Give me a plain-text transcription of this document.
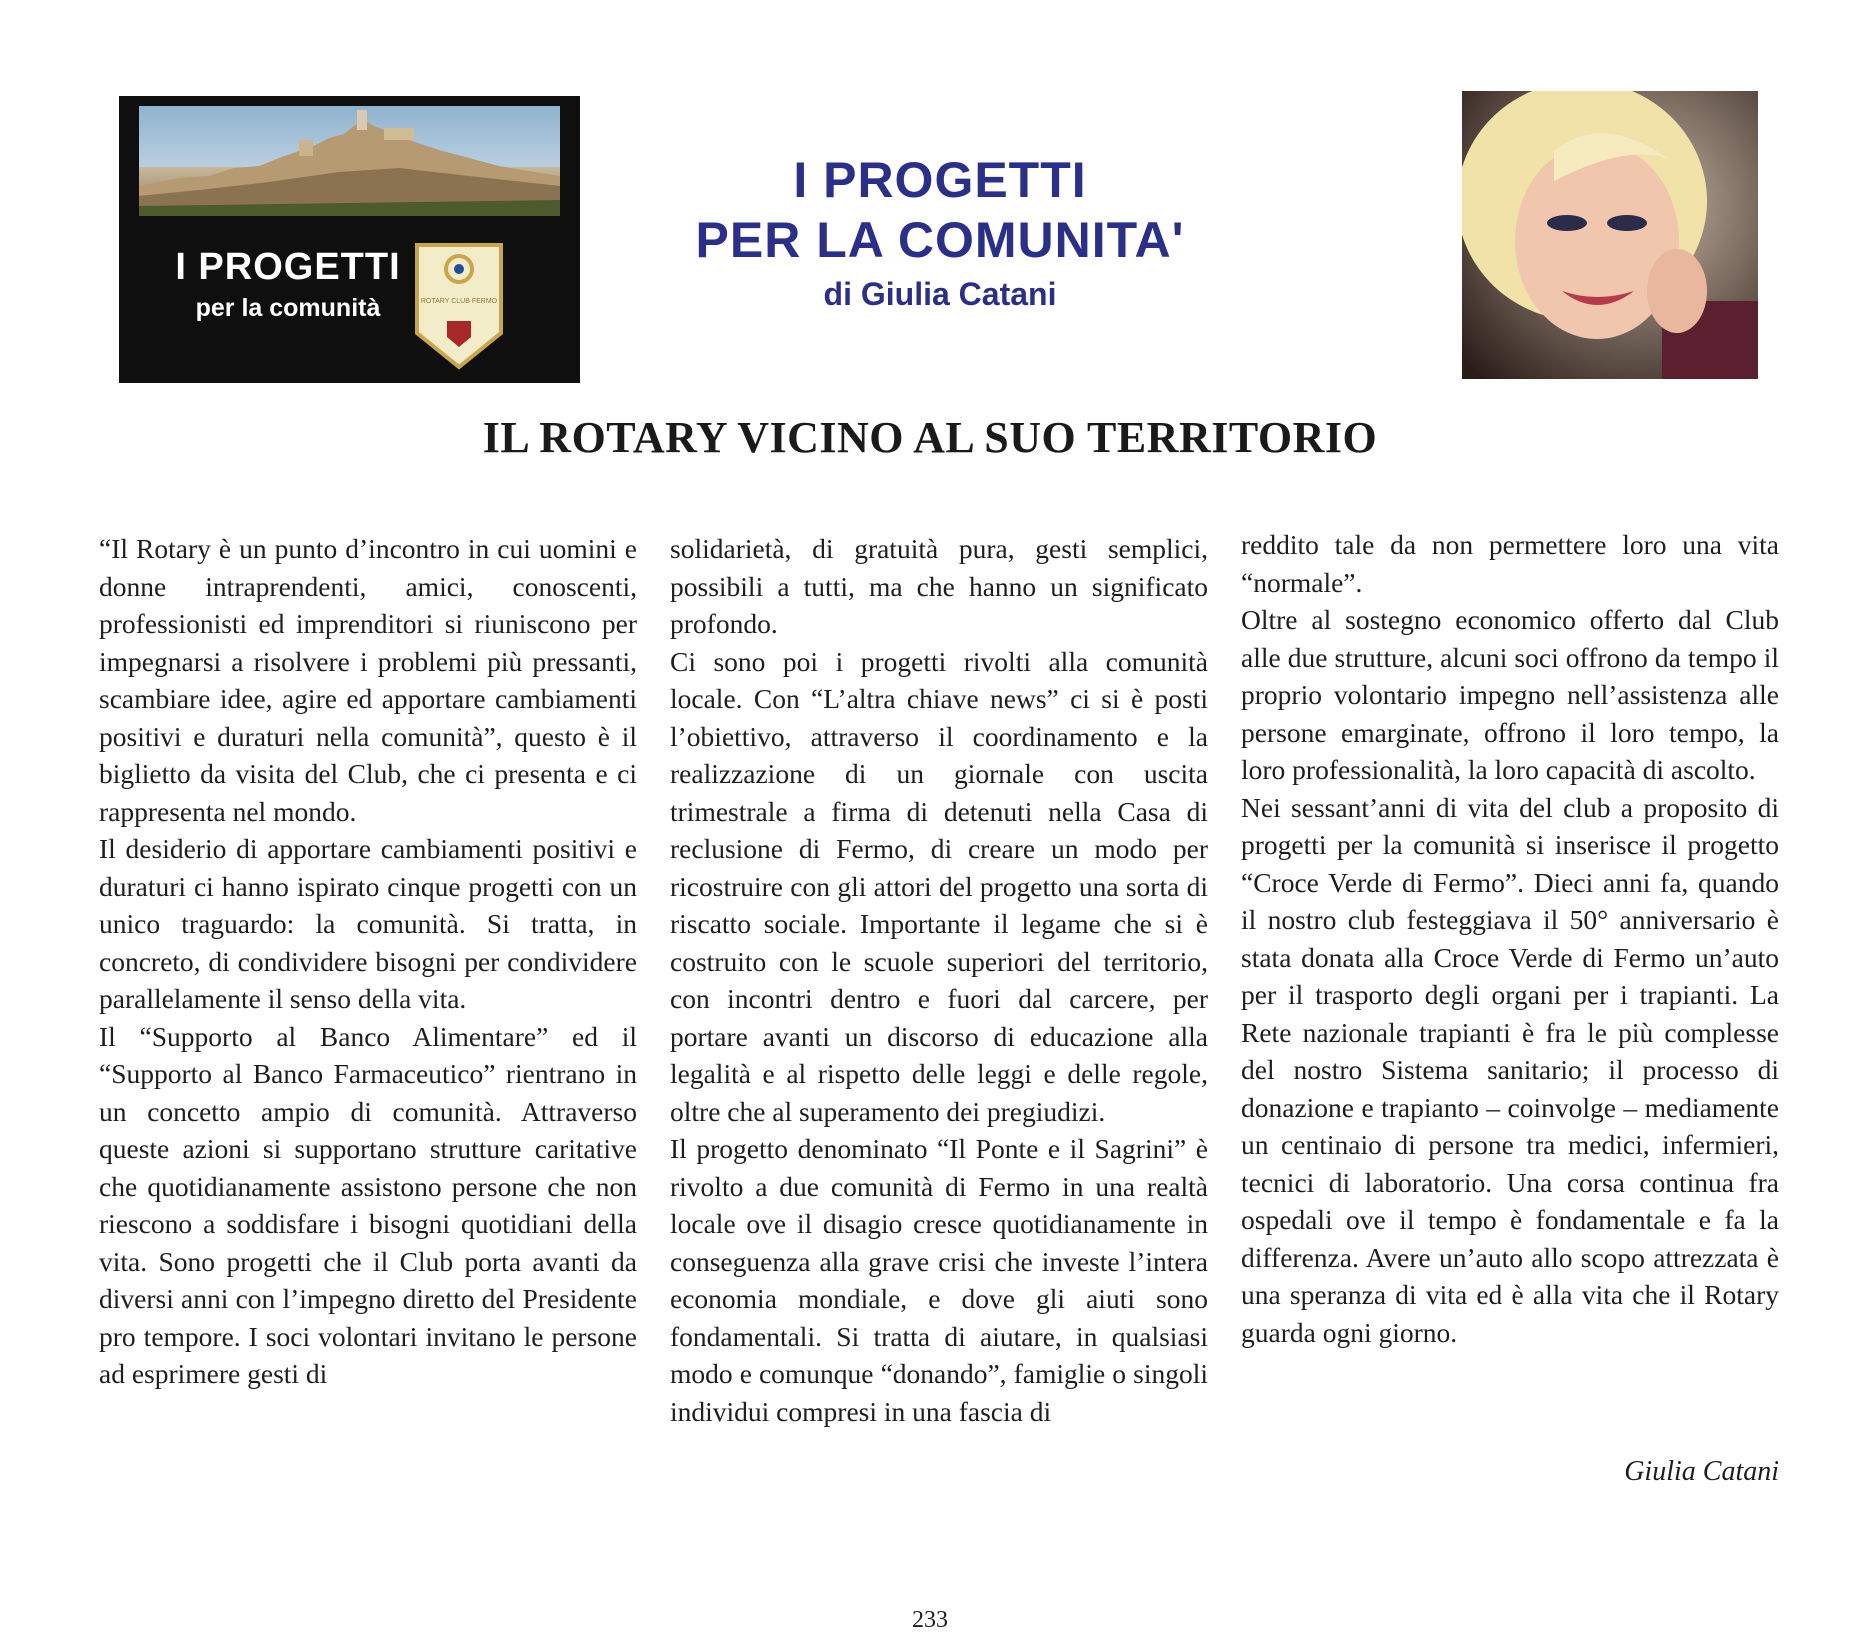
I PROGETTI
per la comunità	ROTARY CLUB FERMO
I PROGETTI
PER LA COMUNITA'
di Giulia Catani
IL ROTARY VICINO AL SUO TERRITORIO

“Il Rotary è un punto d’incontro in cui uomini e donne intraprendenti, amici, conoscenti, professionisti ed imprenditori si riuniscono per impegnarsi a risolvere i problemi più pressanti, scambiare idee, agire ed apportare cambiamenti positivi e duraturi nella comunità”, questo è il biglietto da visita del Club, che ci presenta e ci rappresenta nel mondo.

Il desiderio di apportare cambiamenti positivi e duraturi ci hanno ispirato cinque progetti con un unico traguardo: la comunità. Si tratta, in concreto, di condividere bisogni per condividere parallelamente il senso della vita.

Il “Supporto al Banco Alimentare” ed il “Supporto al Banco Farmaceutico” rientrano in un concetto ampio di comunità. Attraverso queste azioni si supportano strutture caritative che quotidianamente assistono persone che non riescono a soddisfare i bisogni quotidiani della vita. Sono progetti che il Club porta avanti da diversi anni con l’impegno diretto del Presidente pro tempore. I soci volontari invitano le persone ad esprimere gesti di

solidarietà, di gratuità pura, gesti semplici, possibili a tutti, ma che hanno un significato profondo.

Ci sono poi i progetti rivolti alla comunità locale. Con “L’altra chiave news” ci si è posti l’obiettivo, attraverso il coordinamento e la realizzazione di un giornale con uscita trimestrale a firma di detenuti nella Casa di reclusione di Fermo, di creare un modo per ricostruire con gli attori del progetto una sorta di riscatto sociale. Importante il legame che si è costruito con le scuole superiori del territorio, con incontri dentro e fuori dal carcere, per portare avanti un discorso di educazione alla legalità e al rispetto delle leggi e delle regole, oltre che al superamento dei pregiudizi.

Il progetto denominato “Il Ponte e il Sagrini” è rivolto a due comunità di Fermo in una realtà locale ove il disagio cresce quotidianamente in conseguenza alla grave crisi che investe l’intera economia mondiale, e dove gli aiuti sono fondamentali. Si tratta di aiutare, in qualsiasi modo e comunque “donando”, famiglie o singoli individui compresi in una fascia di

reddito tale da non permettere loro una vita “normale”.

Oltre al sostegno economico offerto dal Club alle due strutture, alcuni soci offrono da tempo il proprio volontario impegno nell’assistenza alle persone emarginate, offrono il loro tempo, la loro professionalità, la loro capacità di ascolto.

Nei sessant’anni di vita del club a proposito di progetti per la comunità si inserisce il progetto “Croce Verde di Fermo”. Dieci anni fa, quando il nostro club festeggiava il 50° anniversario è stata donata alla Croce Verde di Fermo un’auto per il trasporto degli organi per i trapianti. La Rete nazionale trapianti è fra le più complesse del nostro Sistema sanitario; il processo di donazione e trapianto – coinvolge – mediamente un centinaio di persone tra medici, infermieri, tecnici di laboratorio. Una corsa continua fra ospedali ove il tempo è fondamentale e fa la differenza. Avere un’auto allo scopo attrezzata è una speranza di vita ed è alla vita che il Rotary guarda ogni giorno.

Giulia Catani
233
